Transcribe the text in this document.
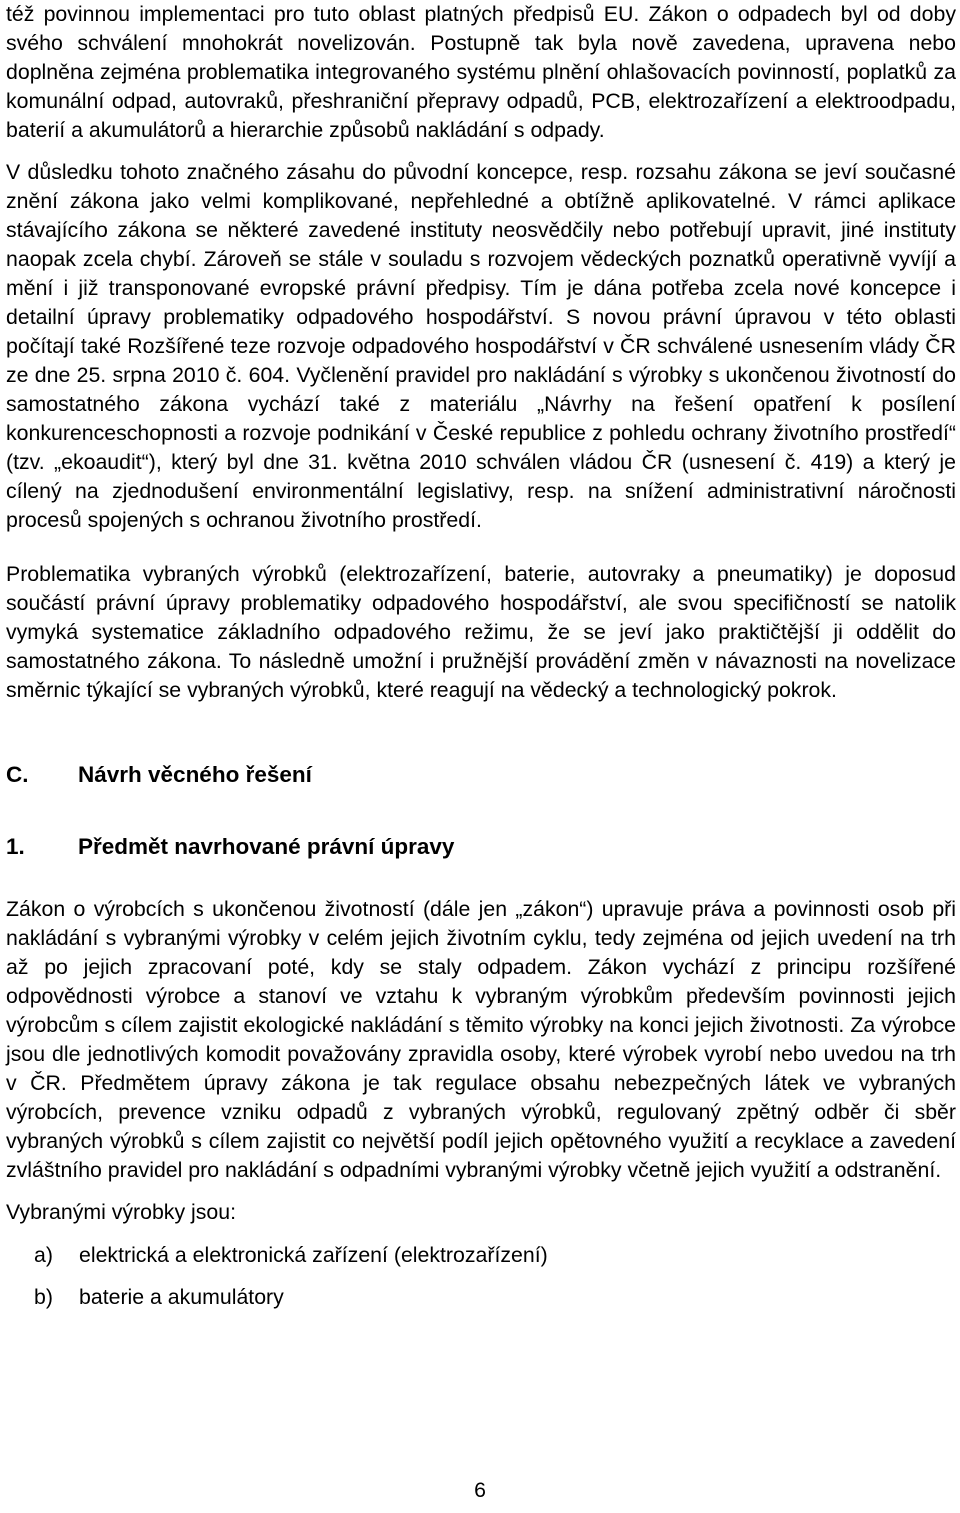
též povinnou implementaci pro tuto oblast platných předpisů EU. Zákon o odpadech byl od doby svého schválení mnohokrát novelizován. Postupně tak byla nově zavedena, upravena nebo doplněna zejména problematika integrovaného systému plnění ohlašovacích povinností, poplatků za komunální odpad, autovraků, přeshraniční přepravy odpadů, PCB, elektrozařízení a elektroodpadu, baterií a akumulátorů a hierarchie způsobů nakládání s odpady.

V důsledku tohoto značného zásahu do původní koncepce, resp. rozsahu zákona se jeví současné znění zákona jako velmi komplikované, nepřehledné a obtížně aplikovatelné. V rámci aplikace stávajícího zákona se některé zavedené instituty neosvědčily nebo potřebují upravit, jiné instituty naopak zcela chybí. Zároveň se stále v souladu s rozvojem vědeckých poznatků operativně vyvíjí a mění i již transponované evropské právní předpisy. Tím je dána potřeba zcela nové koncepce i detailní úpravy problematiky odpadového hospodářství. S novou právní úpravou v této oblasti počítají také Rozšířené teze rozvoje odpadového hospodářství v ČR schválené usnesením vlády ČR ze dne 25. srpna 2010 č. 604. Vyčlenění pravidel pro nakládání s výrobky s ukončenou životností do samostatného zákona vychází také z materiálu „Návrhy na řešení opatření k posílení konkurenceschopnosti a rozvoje podnikání v České republice z pohledu ochrany životního prostředí“ (tzv. „ekoaudit“), který byl dne 31. května 2010 schválen vládou ČR (usnesení č. 419) a který je cílený na zjednodušení environmentální legislativy, resp. na snížení administrativní náročnosti procesů spojených s ochranou životního prostředí.

Problematika vybraných výrobků (elektrozařízení, baterie, autovraky a pneumatiky) je doposud součástí právní úpravy problematiky odpadového hospodářství, ale svou specifičností se natolik vymyká systematice základního odpadového režimu, že se jeví jako praktičtější ji oddělit do samostatného zákona. To následně umožní i pružnější provádění změn v návaznosti na novelizace směrnic týkající se vybraných výrobků, které reagují na vědecký a technologický pokrok.

C.	Návrh věcného řešení
1.	Předmět navrhované právní úpravy

Zákon o výrobcích s ukončenou životností (dále jen „zákon“) upravuje práva a povinnosti osob při nakládání s vybranými výrobky v celém jejich životním cyklu, tedy zejména od jejich uvedení na trh až po jejich zpracovaní poté, kdy se staly odpadem. Zákon vychází z principu rozšířené odpovědnosti výrobce a stanoví ve vztahu k vybraným výrobkům především povinnosti jejich výrobcům s cílem zajistit ekologické nakládání s těmito výrobky na konci jejich životnosti. Za výrobce jsou dle jednotlivých komodit považovány zpravidla osoby, které výrobek vyrobí nebo uvedou na trh v ČR. Předmětem úpravy zákona je tak regulace obsahu nebezpečných látek ve vybraných výrobcích, prevence vzniku odpadů z vybraných výrobků, regulovaný zpětný odběr či sběr vybraných výrobků s cílem zajistit co největší podíl jejich opětovného využití a recyklace a zavedení zvláštního pravidel pro nakládání s odpadními vybranými výrobky včetně jejich využití a odstranění.

Vybranými výrobky jsou:

a)	elektrická a elektronická zařízení (elektrozařízení)
b)	baterie a akumulátory
6
